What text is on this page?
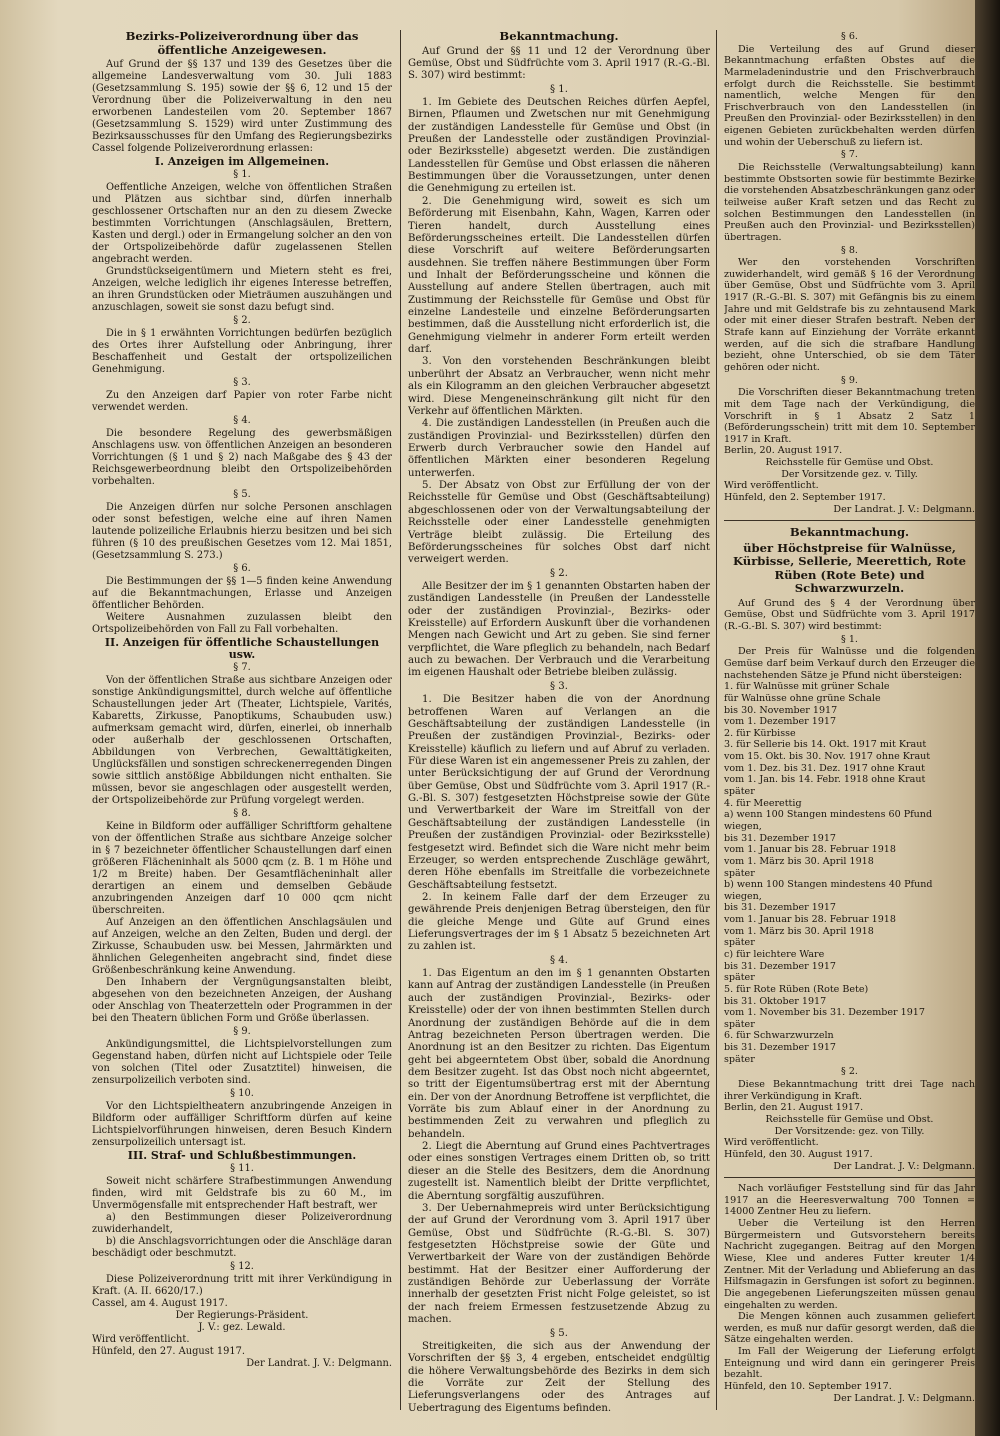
Bezirks-Polizeiverordnung über das öffentliche Anzeigewesen.
Auf Grund der §§ 137 und 139 des Gesetzes über die allgemeine Landesverwaltung vom 30. Juli 1883 (Gesetzsammlung S. 195) sowie der §§ 6, 12 und 15 der Verordnung über die Polizeiverwaltung in den neu erworbenen Landesteilen vom 20. September 1867 (Gesetzsammlung S. 1529) wird unter Zustimmung des Bezirksausschusses für den Umfang des Regierungsbezirks Cassel folgende Polizeiverordnung erlassen:
I. Anzeigen im Allgemeinen.
§ 1.
Oeffentliche Anzeigen, welche von öffentlichen Straßen und Plätzen aus sichtbar sind, dürfen innerhalb geschlossener Ortschaften nur an den zu diesem Zwecke bestimmten Vorrichtungen (Anschlagsäulen, Brettern, Kasten und dergl.) oder in Ermangelung solcher an den von der Ortspolizeibehörde dafür zugelassenen Stellen angebracht werden.
Grundstückseigentümern und Mietern steht es frei, Anzeigen, welche lediglich ihr eigenes Interesse betreffen, an ihren Grundstücken oder Mieträumen auszuhängen und anzuschlagen, soweit sie sonst dazu befugt sind.
§ 2.
Die in § 1 erwähnten Vorrichtungen bedürfen bezüglich des Ortes ihrer Aufstellung oder Anbringung, ihrer Beschaffenheit und Gestalt der ortspolizeilichen Genehmigung.
§ 3.
Zu den Anzeigen darf Papier von roter Farbe nicht verwendet werden.
§ 4.
Die besondere Regelung des gewerbsmäßigen Anschlagens usw. von öffentlichen Anzeigen an besonderen Vorrichtungen (§ 1 und § 2) nach Maßgabe des § 43 der Reichsgewerbeordnung bleibt den Ortspolizeibehörden vorbehalten.
§ 5.
Die Anzeigen dürfen nur solche Personen anschlagen oder sonst befestigen, welche eine auf ihren Namen lautende polizeiliche Erlaubnis hierzu besitzen und bei sich führen (§ 10 des preußischen Gesetzes vom 12. Mai 1851, (Gesetzsammlung S. 273.)
§ 6.
Die Bestimmungen der §§ 1—5 finden keine Anwendung auf die Bekanntmachungen, Erlasse und Anzeigen öffentlicher Behörden.
Weitere Ausnahmen zuzulassen bleibt den Ortspolizeibehörden von Fall zu Fall vorbehalten.
II. Anzeigen für öffentliche Schaustellungen usw.
§ 7.
Von der öffentlichen Straße aus sichtbare Anzeigen oder sonstige Ankündigungsmittel, durch welche auf öffentliche Schaustellungen jeder Art (Theater, Lichtspiele, Varités, Kabaretts, Zirkusse, Panoptikums, Schaubuden usw.) aufmerksam gemacht wird, dürfen, einerlei, ob innerhalb oder außerhalb der geschlossenen Ortschaften, Abbildungen von Verbrechen, Gewalttätigkeiten, Unglücksfällen und sonstigen schreckenerregenden Dingen sowie sittlich anstößige Abbildungen nicht enthalten. Sie müssen, bevor sie angeschlagen oder ausgestellt werden, der Ortspolizeibehörde zur Prüfung vorgelegt werden.
§ 8.
Keine in Bildform oder auffälliger Schriftform gehaltene von der öffentlichen Straße aus sichtbare Anzeige solcher in § 7 bezeichneter öffentlicher Schaustellungen darf einen größeren Flächeninhalt als 5000 qcm (z. B. 1 m Höhe und 1/2 m Breite) haben. Der Gesamtflächeninhalt aller derartigen an einem und demselben Gebäude anzubringenden Anzeigen darf 10 000 qcm nicht überschreiten.
Auf Anzeigen an den öffentlichen Anschlagsäulen und auf Anzeigen, welche an den Zelten, Buden und dergl. der Zirkusse, Schaubuden usw. bei Messen, Jahrmärkten und ähnlichen Gelegenheiten angebracht sind, findet diese Größenbeschränkung keine Anwendung.
Den Inhabern der Vergnügungsanstalten bleibt, abgesehen von den bezeichneten Anzeigen, der Aushang oder Anschlag von Theaterzetteln oder Programmen in der bei den Theatern üblichen Form und Größe überlassen.
§ 9.
Ankündigungsmittel, die Lichtspielvorstellungen zum Gegenstand haben, dürfen nicht auf Lichtspiele oder Teile von solchen (Titel oder Zusatztitel) hinweisen, die zensurpolizeilich verboten sind.
§ 10.
Vor den Lichtspieltheatern anzubringende Anzeigen in Bildform oder auffälliger Schriftform dürfen auf keine Lichtspielvorführungen hinweisen, deren Besuch Kindern zensurpolizeilich untersagt ist.
III. Straf- und Schlußbestimmungen.
§ 11.
Soweit nicht schärfere Strafbestimmungen Anwendung finden, wird mit Geldstrafe bis zu 60 M., im Unvermögensfalle mit entsprechender Haft bestraft, wer
a) den Bestimmungen dieser Polizeiverordnung zuwiderhandelt,
b) die Anschlagsvorrichtungen oder die Anschläge daran beschädigt oder beschmutzt.
§ 12.
Diese Polizeiverordnung tritt mit ihrer Verkündigung in Kraft. (A. II. 6620/17.)
Cassel, am 4. August 1917.
Der Regierungs-Präsident.
J. V.: gez. Lewald.
Wird veröffentlicht.
Hünfeld, den 27. August 1917.
Der Landrat. J. V.: Delgmann.
Bekanntmachung.
Auf Grund der §§ 11 und 12 der Verordnung über Gemüse, Obst und Südfrüchte vom 3. April 1917 (R.-G.-Bl. S. 307) wird bestimmt:
§ 1.
1. Im Gebiete des Deutschen Reiches dürfen Aepfel, Birnen, Pflaumen und Zwetschen nur mit Genehmigung der zuständigen Landesstelle für Gemüse und Obst (in Preußen der Landesstelle oder zuständigen Provinzial- oder Bezirksstelle) abgesetzt werden. Die zuständigen Landesstellen für Gemüse und Obst erlassen die näheren Bestimmungen über die Voraussetzungen, unter denen die Genehmigung zu erteilen ist.
2. Die Genehmigung wird, soweit es sich um Beförderung mit Eisenbahn, Kahn, Wagen, Karren oder Tieren handelt, durch Ausstellung eines Beförderungsscheines erteilt. Die Landesstellen dürfen diese Vorschrift auf weitere Beförderungsarten ausdehnen. Sie treffen nähere Bestimmungen über Form und Inhalt der Beförderungsscheine und können die Ausstellung auf andere Stellen übertragen, auch mit Zustimmung der Reichsstelle für Gemüse und Obst für einzelne Landesteile und einzelne Beförderungsarten bestimmen, daß die Ausstellung nicht erforderlich ist, die Genehmigung vielmehr in anderer Form erteilt werden darf.
3. Von den vorstehenden Beschränkungen bleibt unberührt der Absatz an Verbraucher, wenn nicht mehr als ein Kilogramm an den gleichen Verbraucher abgesetzt wird. Diese Mengeneinschränkung gilt nicht für den Verkehr auf öffentlichen Märkten.
4. Die zuständigen Landesstellen (in Preußen auch die zuständigen Provinzial- und Bezirksstellen) dürfen den Erwerb durch Verbraucher sowie den Handel auf öffentlichen Märkten einer besonderen Regelung unterwerfen.
5. Der Absatz von Obst zur Erfüllung der von der Reichsstelle für Gemüse und Obst (Geschäftsabteilung) abgeschlossenen oder von der Verwaltungsabteilung der Reichsstelle oder einer Landesstelle genehmigten Verträge bleibt zulässig. Die Erteilung des Beförderungsscheines für solches Obst darf nicht verweigert werden.
§ 2.
Alle Besitzer der im § 1 genannten Obstarten haben der zuständigen Landesstelle (in Preußen der Landesstelle oder der zuständigen Provinzial-, Bezirks- oder Kreisstelle) auf Erfordern Auskunft über die vorhandenen Mengen nach Gewicht und Art zu geben. Sie sind ferner verpflichtet, die Ware pfleglich zu behandeln, nach Bedarf auch zu bewachen. Der Verbrauch und die Verarbeitung im eigenen Haushalt oder Betriebe bleiben zulässig.
§ 3.
1. Die Besitzer haben die von der Anordnung betroffenen Waren auf Verlangen an die Geschäftsabteilung der zuständigen Landesstelle (in Preußen der zuständigen Provinzial-, Bezirks- oder Kreisstelle) käuflich zu liefern und auf Abruf zu verladen. Für diese Waren ist ein angemessener Preis zu zahlen, der unter Berücksichtigung der auf Grund der Verordnung über Gemüse, Obst und Südfrüchte vom 3. April 1917 (R.-G.-Bl. S. 307) festgesetzten Höchstpreise sowie der Güte und Verwertbarkeit der Ware im Streitfall von der Geschäftsabteilung der zuständigen Landesstelle (in Preußen der zuständigen Provinzial- oder Bezirksstelle) festgesetzt wird. Befindet sich die Ware nicht mehr beim Erzeuger, so werden entsprechende Zuschläge gewährt, deren Höhe ebenfalls im Streitfalle die vorbezeichnete Geschäftsabteilung festsetzt.
2. In keinem Falle darf der dem Erzeuger zu gewährende Preis denjenigen Betrag übersteigen, den für die gleiche Menge und Güte auf Grund eines Lieferungsvertrages der im § 1 Absatz 5 bezeichneten Art zu zahlen ist.
§ 4.
1. Das Eigentum an den im § 1 genannten Obstarten kann auf Antrag der zuständigen Landesstelle (in Preußen auch der zuständigen Provinzial-, Bezirks- oder Kreisstelle) oder der von ihnen bestimmten Stellen durch Anordnung der zuständigen Behörde auf die in dem Antrag bezeichneten Person übertragen werden. Die Anordnung ist an den Besitzer zu richten. Das Eigentum geht bei abgeerntetem Obst über, sobald die Anordnung dem Besitzer zugeht. Ist das Obst noch nicht abgeerntet, so tritt der Eigentumsübertrag erst mit der Aberntung ein. Der von der Anordnung Betroffene ist verpflichtet, die Vorräte bis zum Ablauf einer in der Anordnung zu bestimmenden Zeit zu verwahren und pfleglich zu behandeln.
2. Liegt die Aberntung auf Grund eines Pachtvertrages oder eines sonstigen Vertrages einem Dritten ob, so tritt dieser an die Stelle des Besitzers, dem die Anordnung zugestellt ist. Namentlich bleibt der Dritte verpflichtet, die Aberntung sorgfältig auszuführen.
3. Der Uebernahmepreis wird unter Berücksichtigung der auf Grund der Verordnung vom 3. April 1917 über Gemüse, Obst und Südfrüchte (R.-G.-Bl. S. 307) festgesetzten Höchstpreise sowie der Güte und Verwertbarkeit der Ware von der zuständigen Behörde bestimmt. Hat der Besitzer einer Aufforderung der zuständigen Behörde zur Ueberlassung der Vorräte innerhalb der gesetzten Frist nicht Folge geleistet, so ist der nach freiem Ermessen festzusetzende Abzug zu machen.
§ 5.
Streitigkeiten, die sich aus der Anwendung der Vorschriften der §§ 3, 4 ergeben, entscheidet endgültig die höhere Verwaltungsbehörde des Bezirks in dem sich die Vorräte zur Zeit der Stellung des Lieferungsverlangens oder des Antrages auf Uebertragung des Eigentums befinden.
§ 6.
Die Verteilung des auf Grund dieser Bekanntmachung erfaßten Obstes auf die Marmeladenindustrie und den Frischverbrauch erfolgt durch die Reichsstelle. Sie bestimmt namentlich, welche Mengen für den Frischverbrauch von den Landesstellen (in Preußen den Provinzial- oder Bezirksstellen) in den eigenen Gebieten zurückbehalten werden dürfen und wohin der Ueberschuß zu liefern ist.
§ 7.
Die Reichsstelle (Verwaltungsabteilung) kann bestimmte Obstsorten sowie für bestimmte Bezirke die vorstehenden Absatzbeschränkungen ganz oder teilweise außer Kraft setzen und das Recht zu solchen Bestimmungen den Landesstellen (in Preußen auch den Provinzial- und Bezirksstellen) übertragen.
§ 8.
Wer den vorstehenden Vorschriften zuwiderhandelt, wird gemäß § 16 der Verordnung über Gemüse, Obst und Südfrüchte vom 3. April 1917 (R.-G.-Bl. S. 307) mit Gefängnis bis zu einem Jahre und mit Geldstrafe bis zu zehntausend Mark oder mit einer dieser Strafen bestraft. Neben der Strafe kann auf Einziehung der Vorräte erkannt werden, auf die sich die strafbare Handlung bezieht, ohne Unterschied, ob sie dem Täter gehören oder nicht.
§ 9.
Die Vorschriften dieser Bekanntmachung treten mit dem Tage nach der Verkündigung, die Vorschrift in § 1 Absatz 2 Satz 1 (Beförderungsschein) tritt mit dem 10. September 1917 in Kraft.
Berlin, 20. August 1917.
Reichsstelle für Gemüse und Obst.
Der Vorsitzende gez. v. Tilly.
Wird veröffentlicht.
Hünfeld, den 2. September 1917.
Der Landrat. J. V.: Delgmann.
Bekanntmachung.
über Höchstpreise für Walnüsse, Kürbisse, Sellerie, Meerettich, Rote Rüben (Rote Bete) und Schwarzwurzeln.
Auf Grund des § 4 der Verordnung über Gemüse, Obst und Südfrüchte vom 3. April 1917 (R.-G.-Bl. S. 307) wird bestimmt:
§ 1.
Der Preis für Walnüsse und die folgenden Gemüse darf beim Verkauf durch den Erzeuger die nachstehenden Sätze je Pfund nicht übersteigen:
1. für Walnüsse mit grüner Schale
für Walnüsse ohne grüne Schale
bis 30. November 1917
vom 1. Dezember 1917
2. für Kürbisse
3. für Sellerie bis 14. Okt. 1917 mit Kraut
vom 15. Okt. bis 30. Nov. 1917 ohne Kraut
vom 1. Dez. bis 31. Dez. 1917 ohne Kraut
vom 1. Jan. bis 14. Febr. 1918 ohne Kraut
später
4. für Meerettig
a) wenn 100 Stangen mindestens 60 Pfund
wiegen,
bis 31. Dezember 1917
vom 1. Januar bis 28. Februar 1918
vom 1. März bis 30. April 1918
später
b) wenn 100 Stangen mindestens 40 Pfund
wiegen,
bis 31. Dezember 1917
vom 1. Januar bis 28. Februar 1918
vom 1. März bis 30. April 1918
später
c) für leichtere Ware
bis 31. Dezember 1917
später
5. für Rote Rüben (Rote Bete)
bis 31. Oktober 1917
vom 1. November bis 31. Dezember 1917
später
6. für Schwarzwurzeln
bis 31. Dezember 1917
später
§ 2.
Diese Bekanntmachung tritt drei Tage nach ihrer Verkündigung in Kraft.
Berlin, den 21. August 1917.
Reichsstelle für Gemüse und Obst.
Der Vorsitzende: gez. von Tilly.
Wird veröffentlicht.
Hünfeld, den 30. August 1917.
Der Landrat. J. V.: Delgmann.
Nach vorläufiger Feststellung sind für das Jahr 1917 an die Heeresverwaltung 700 Tonnen = 14000 Zentner Heu zu liefern.
Ueber die Verteilung ist den Herren Bürgermeistern und Gutsvorstehern bereits Nachricht zugegangen. Beitrag auf den Morgen Wiese, Klee und anderes Futter kreuter 1/4 Zentner. Mit der Verladung und Ablieferung an das Hilfsmagazin in Gersfungen ist sofort zu beginnen. Die angegebenen Lieferungszeiten müssen genau eingehalten zu werden.
Die Mengen können auch zusammen geliefert werden, es muß nur dafür gesorgt werden, daß die Sätze eingehalten werden.
Im Fall der Weigerung der Lieferung erfolgt Enteignung und wird dann ein geringerer Preis bezahlt.
Hünfeld, den 10. September 1917.
Der Landrat. J. V.: Delgmann.
